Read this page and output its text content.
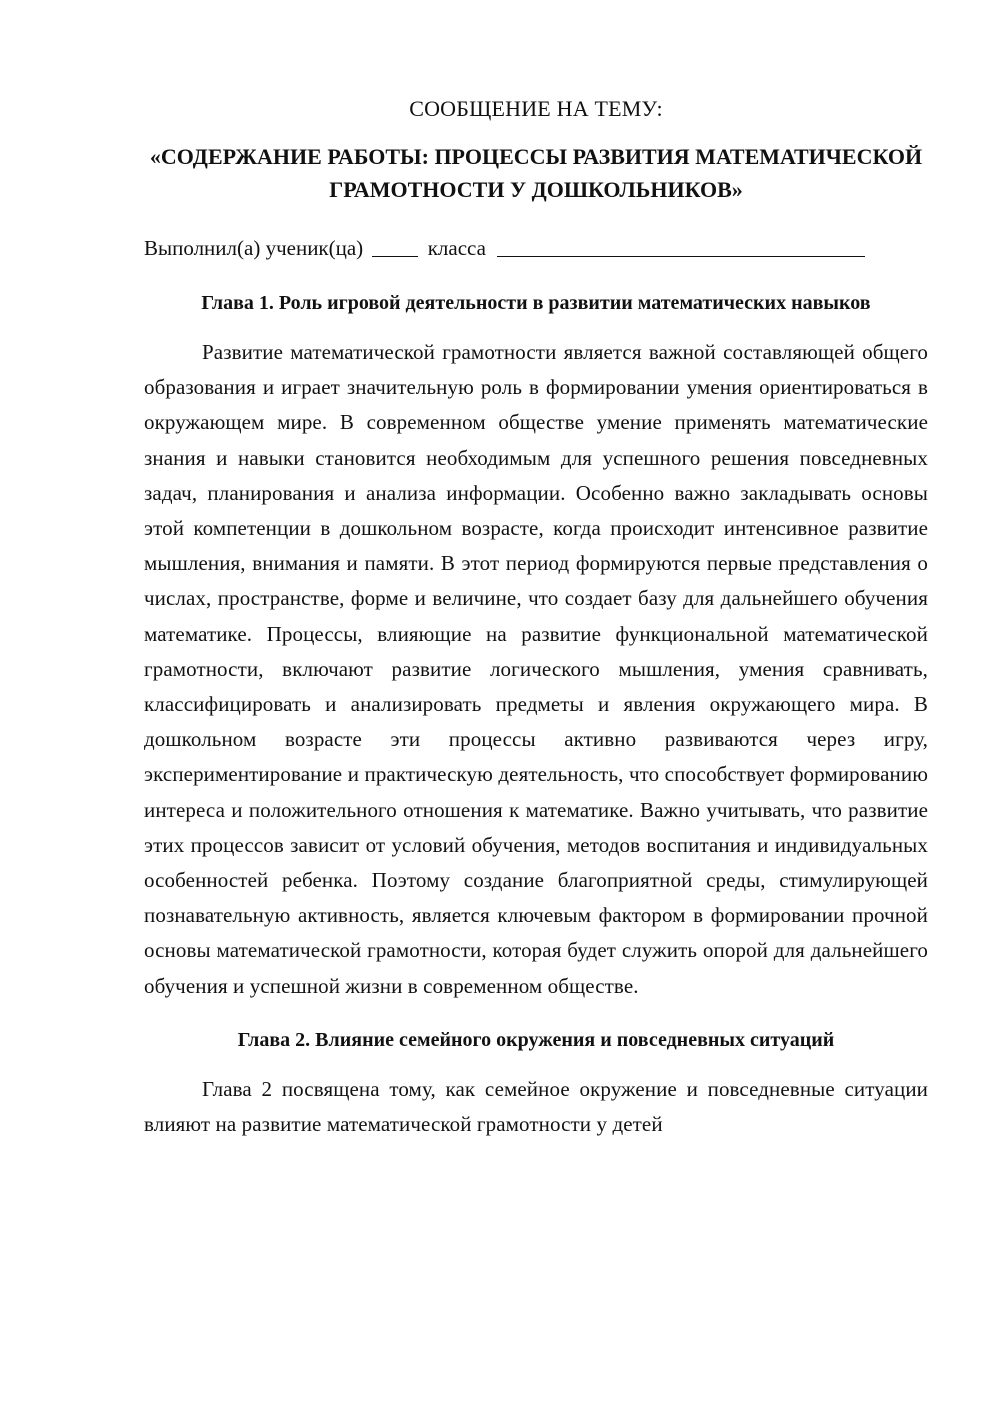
СООБЩЕНИЕ НА ТЕМУ:
«СОДЕРЖАНИЕ РАБОТЫ: ПРОЦЕССЫ РАЗВИТИЯ МАТЕМАТИЧЕСКОЙ ГРАМОТНОСТИ У ДОШКОЛЬНИКОВ»
Выполнил(а) ученик(ца)	класса
Глава 1. Роль игровой деятельности в развитии математических навыков

Развитие математической грамотности является важной составляющей общего образования и играет значительную роль в формировании умения ориентироваться в окружающем мире. В современном обществе умение применять математические знания и навыки становится необходимым для успешного решения повседневных задач, планирования и анализа информации. Особенно важно закладывать основы этой компетенции в дошкольном возрасте, когда происходит интенсивное развитие мышления, внимания и памяти. В этот период формируются первые представления о числах, пространстве, форме и величине, что создает базу для дальнейшего обучения математике. Процессы, влияющие на развитие функциональной математической грамотности, включают развитие логического мышления, умения сравнивать, классифицировать и анализировать предметы и явления окружающего мира. В дошкольном возрасте эти процессы активно развиваются через игру, экспериментирование и практическую деятельность, что способствует формированию интереса и положительного отношения к математике. Важно учитывать, что развитие этих процессов зависит от условий обучения, методов воспитания и индивидуальных особенностей ребенка. Поэтому создание благоприятной среды, стимулирующей познавательную активность, является ключевым фактором в формировании прочной основы математической грамотности, которая будет служить опорой для дальнейшего обучения и успешной жизни в современном обществе.

Глава 2. Влияние семейного окружения и повседневных ситуаций

Глава 2 посвящена тому, как семейное окружение и повседневные ситуации влияют на развитие математической грамотности у детей
